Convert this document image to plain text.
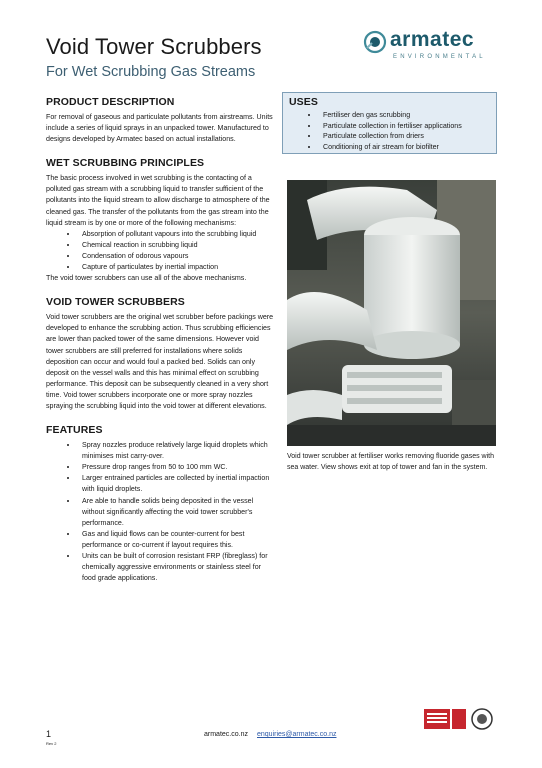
Void Tower Scrubbers
For Wet Scrubbing Gas Streams
armatec
ENVIRONMENTAL
PRODUCT DESCRIPTION

For removal of gaseous and particulate pollutants from airstreams. Units include a series of liquid sprays in an unpacked tower. Manufactured to designs developed by Armatec based on actual installations.

WET SCRUBBING PRINCIPLES

The basic process involved in wet scrubbing is the contacting of a polluted gas stream with a scrubbing liquid to transfer sufficient of the pollutants into the liquid stream to allow discharge to atmosphere of the cleaned gas. The transfer of the pollutants from the gas stream into the liquid stream is by one or more of the following mechanisms:

• Absorption of pollutant vapours into the scrubbing liquid
• Chemical reaction in scrubbing liquid
• Condensation of odorous vapours
• Capture of particulates by inertial impaction

The void tower scrubbers can use all of the above mechanisms.

VOID TOWER SCRUBBERS

Void tower scrubbers are the original wet scrubber before packings were developed to enhance the scrubbing action. Thus scrubbing efficiencies are lower than packed tower of the same dimensions. However void tower scrubbers are still preferred for installations where solids deposition can occur and would foul a packed bed. Solids can only deposit on the vessel walls and this has minimal effect on scrubbing performance. This deposit can be subsequently cleaned in a very short time. Void tower scrubbers incorporate one or more spray nozzles spraying the scrubbing liquid into the void tower at different elevations.

FEATURES
• Spray nozzles produce relatively large liquid droplets which minimises mist carry-over.
• Pressure drop ranges from 50 to 100 mm WC.
• Larger entrained particles are collected by inertial impaction with liquid droplets.
• Are able to handle solids being deposited in the vessel without significantly affecting the void tower scrubber's performance.
• Gas and liquid flows can be counter-current for best performance or co-current if layout requires this.
• Units can be built of corrosion resistant FRP (fibreglass) for chemically aggressive environments or stainless steel for food grade applications.
USES
• Fertiliser den gas scrubbing
• Particulate collection in fertiliser applications
• Particulate collection from driers
• Conditioning of air stream for biofilter
Void tower scrubber at fertiliser works removing fluoride gases with sea water. View shows exit at top of tower and fan in the system.
1
Rev 2
armatec.co.nz enquiries@armatec.co.nz
